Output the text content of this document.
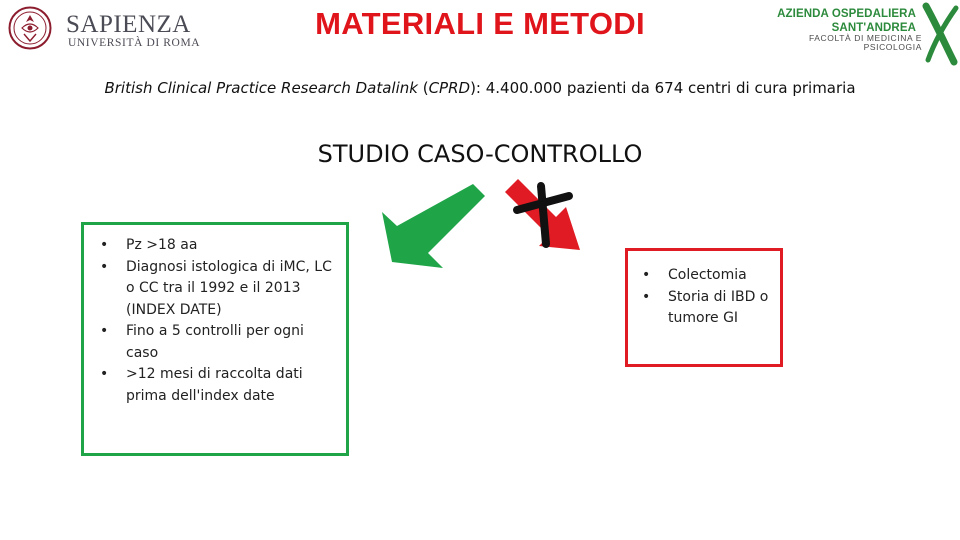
SAPIENZA
UNIVERSITÀ DI ROMA
MATERIALI E METODI	AZIENDA OSPEDALIERA
SANT'ANDREA
FACOLTÀ DI MEDICINA E
PSICOLOGIA
British Clinical Practice Research Datalink (CPRD): 4.400.000 pazienti da 674 centri di cura primaria
STUDIO CASO-CONTROLLO
•	Pz >18 aa
•	Diagnosi istologica di iMC, LC o CC tra il 1992 e il 2013 (INDEX DATE)
•	Fino a 5 controlli per ogni caso
•	>12 mesi di raccolta dati prima dell'index date
•	Colectomia
•	Storia di IBD o tumore GI
